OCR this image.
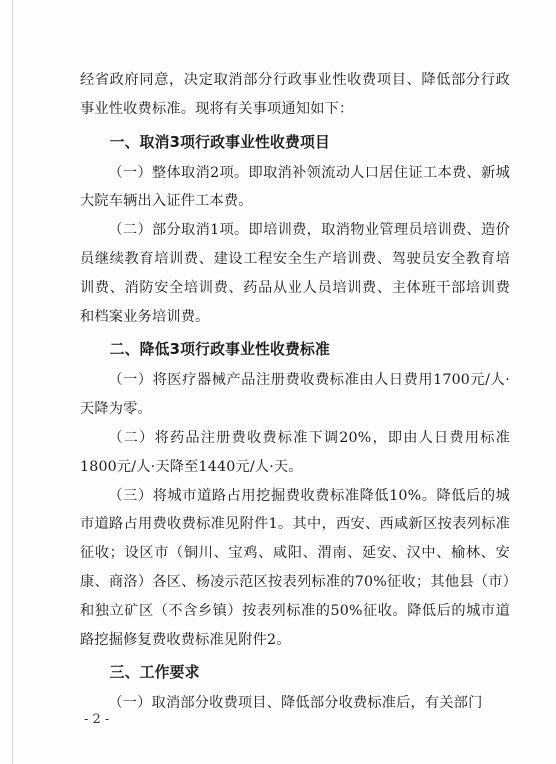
经省政府同意，决定取消部分行政事业性收费项目、降低部分行政事业性收费标准。现将有关事项通知如下：

一、取消3项行政事业性收费项目

（一）整体取消2项。即取消补领流动人口居住证工本费、新城大院车辆出入证件工本费。

（二）部分取消1项。即培训费，取消物业管理员培训费、造价员继续教育培训费、建设工程安全生产培训费、驾驶员安全教育培训费、消防安全培训费、药品从业人员培训费、主体班干部培训费和档案业务培训费。

二、降低3项行政事业性收费标准

（一）将医疗器械产品注册费收费标准由人日费用1700元/人·天降为零。

（二）将药品注册费收费标准下调20%，即由人日费用标准1800元/人·天降至1440元/人·天。

（三）将城市道路占用挖掘费收费标准降低10%。降低后的城市道路占用费收费标准见附件1。其中，西安、西咸新区按表列标准征收；设区市（铜川、宝鸡、咸阳、渭南、延安、汉中、榆林、安康、商洛）各区、杨凌示范区按表列标准的70%征收；其他县（市）和独立矿区（不含乡镇）按表列标准的50%征收。降低后的城市道路挖掘修复费收费标准见附件2。

三、工作要求

（一）取消部分收费项目、降低部分收费标准后，有关部门

- 2 -
